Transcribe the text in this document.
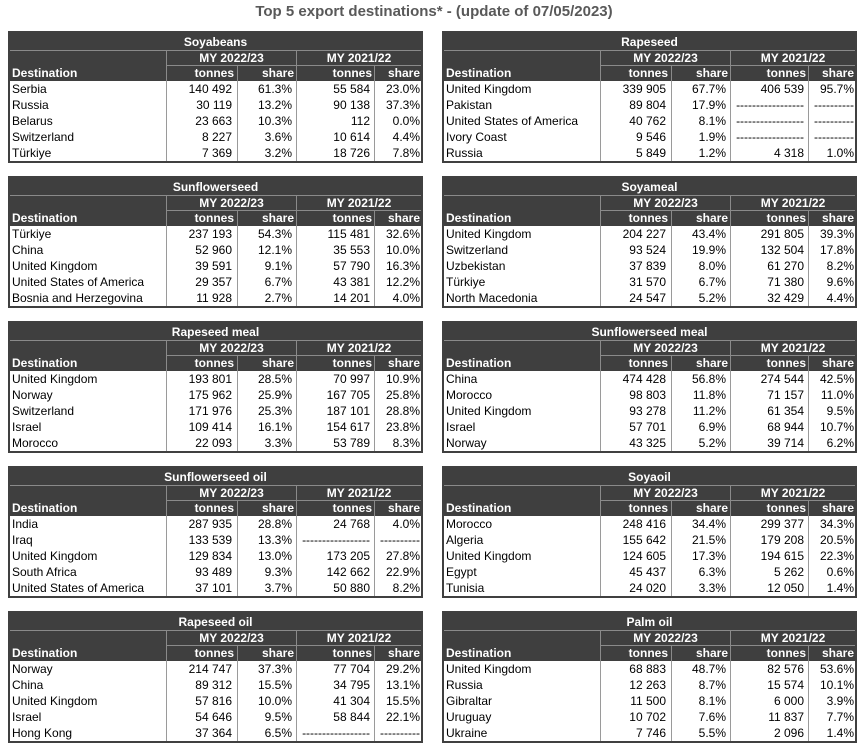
Top 5 export destinations* - (update of 07/05/2023)
Soyabeans
Destination
MY 2022/23	MY 2021/22
tonnes	share	tonnes	share
Serbia	140 492 61.3%	55 584 23.0%
Russia	30 119 13.2%	90 138 37.3%
Belarus	23 663 10.3%	112 0.0%
Switzerland	8 227	3.6%	10 614 4.4%
Türkiye	7 369	3.2%	18 726 7.8%
Rapeseed
Destination
MY 2022/23	MY 2021/22
tonnes	share	tonnes	share
United Kingdom	339 905 67.7%	406 539 95.7%
Pakistan	89 804 17.9% ----------------- ----------
United States of America	40 762	8.1% ----------------- ----------
Ivory Coast	9 546	1.9% ----------------- ----------
Russia	5 849	1.2%	4 318 1.0%
Sunflowerseed
Destination
MY 2022/23	MY 2021/22
tonnes	share	tonnes	share
Türkiye	237 193 54.3%	115 481 32.6%
China	52 960 12.1%	35 553 10.0%
United Kingdom	39 591	9.1%	57 790 16.3%
United States of America	29 357	6.7%	43 381 12.2%
Bosnia and Herzegovina	11 928	2.7%	14 201 4.0%
Soyameal
Destination
MY 2022/23	MY 2021/22
tonnes	share	tonnes	share
United Kingdom	204 227 43.4%	291 805 39.3%
Switzerland	93 524 19.9%	132 504 17.8%
Uzbekistan	37 839	8.0%	61 270 8.2%
Türkiye	31 570	6.7%	71 380 9.6%
North Macedonia	24 547	5.2%	32 429 4.4%
Rapeseed meal
Destination
MY 2022/23	MY 2021/22
tonnes	share	tonnes	share
United Kingdom	193 801 28.5%	70 997 10.9%
Norway	175 962 25.9%	167 705 25.8%
Switzerland	171 976 25.3%	187 101 28.8%
Israel	109 414 16.1%	154 617 23.8%
Morocco	22 093	3.3%	53 789 8.3%
Sunflowerseed meal
Destination
MY 2022/23	MY 2021/22
tonnes	share	tonnes	share
China	474 428 56.8%	274 544 42.5%
Morocco	98 803 11.8%	71 157 11.0%
United Kingdom	93 278 11.2%	61 354 9.5%
Israel	57 701	6.9%	68 944 10.7%
Norway	43 325	5.2%	39 714 6.2%
Sunflowerseed oil
Destination
MY 2022/23	MY 2021/22
tonnes	share	tonnes	share
India	287 935 28.8%	24 768 4.0%
Iraq	133 539 13.3% ----------------- ----------
United Kingdom	129 834 13.0%	173 205 27.8%
South Africa	93 489	9.3%	142 662 22.9%
United States of America	37 101	3.7%	50 880 8.2%
Soyaoil
Destination
MY 2022/23	MY 2021/22
tonnes	share	tonnes	share
Morocco	248 416 34.4%	299 377 34.3%
Algeria	155 642 21.5%	179 208 20.5%
United Kingdom	124 605 17.3%	194 615 22.3%
Egypt	45 437	6.3%	5 262 0.6%
Tunisia	24 020	3.3%	12 050 1.4%
Rapeseed oil
Destination
MY 2022/23	MY 2021/22
tonnes	share	tonnes	share
Norway	214 747 37.3%	77 704 29.2%
China	89 312 15.5%	34 795 13.1%
United Kingdom	57 816 10.0%	41 304 15.5%
Israel	54 646	9.5%	58 844 22.1%
Hong Kong	37 364	6.5% ----------------- ----------
Palm oil
Destination
MY 2022/23	MY 2021/22
tonnes	share	tonnes	share
United Kingdom	68 883 48.7%	82 576 53.6%
Russia	12 263	8.7%	15 574 10.1%
Gibraltar	11 500	8.1%	6 000 3.9%
Uruguay	10 702	7.6%	11 837 7.7%
Ukraine	7 746	5.5%	2 096 1.4%
